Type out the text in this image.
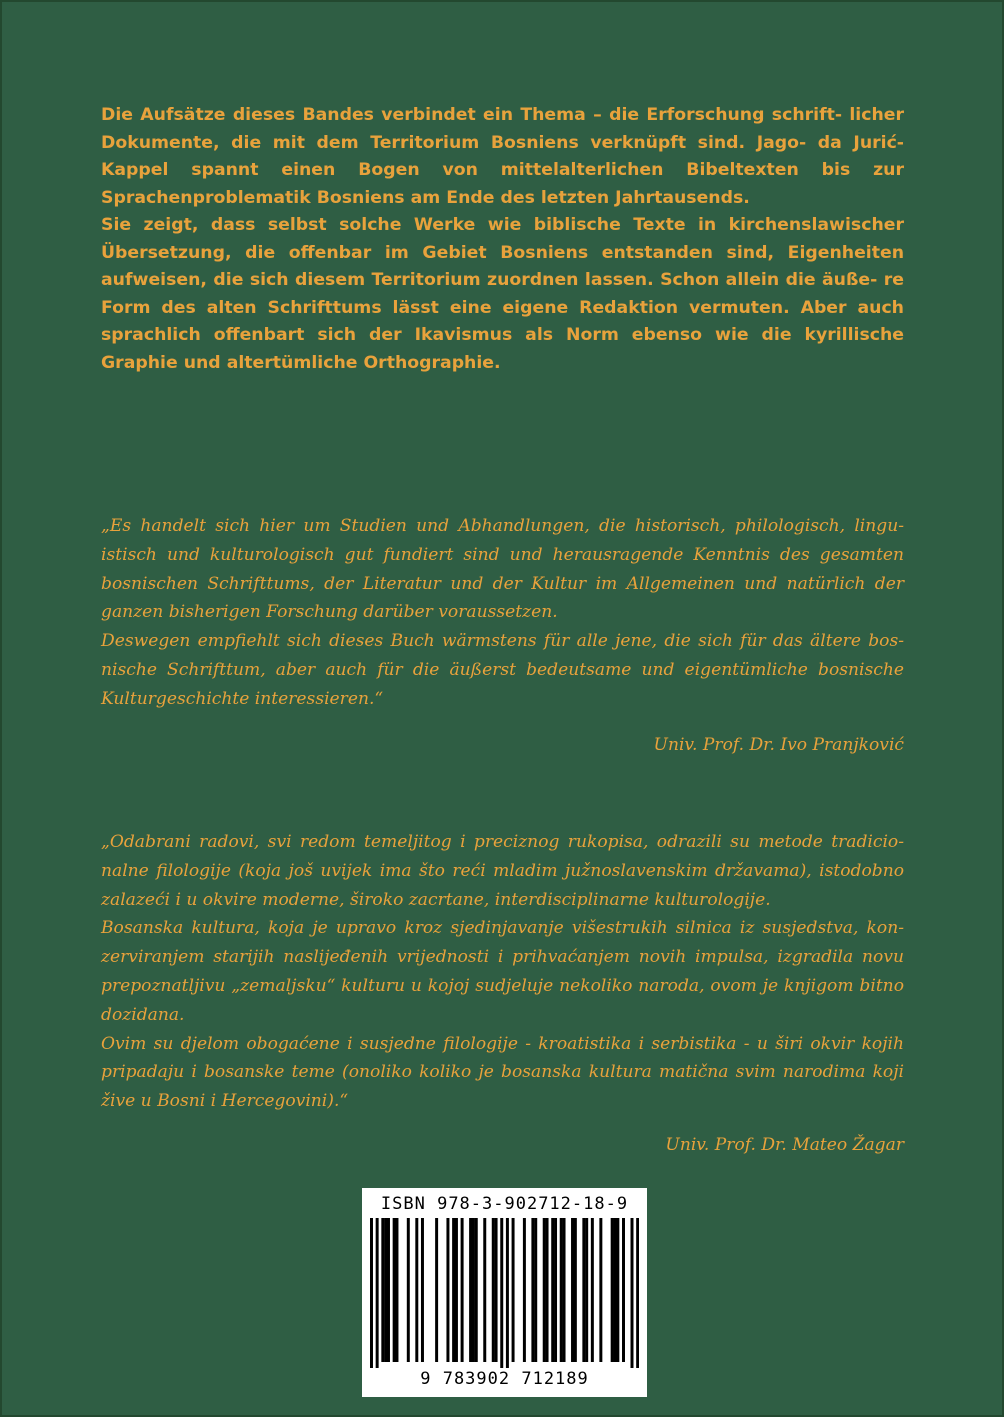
Die Aufsätze dieses Bandes verbindet ein Thema – die Erforschung schrift- licher Dokumente, die mit dem Territorium Bosniens verknüpft sind. Jago- da Jurić-Kappel spannt einen Bogen von mittelalterlichen Bibeltexten bis zur Sprachenproblematik Bosniens am Ende des letzten Jahrtausends.

Sie zeigt, dass selbst solche Werke wie biblische Texte in kirchenslawischer Übersetzung, die offenbar im Gebiet Bosniens entstanden sind, Eigenheiten aufweisen, die sich diesem Territorium zuordnen lassen. Schon allein die äuße- re Form des alten Schrifttums lässt eine eigene Redaktion vermuten. Aber auch sprachlich offenbart sich der Ikavismus als Norm ebenso wie die kyrillische Graphie und altertümliche Orthographie.

„Es handelt sich hier um Studien und Abhandlungen, die historisch, philologisch, lingu- istisch und kulturologisch gut fundiert sind und herausragende Kenntnis des gesamten bosnischen Schrifttums, der Literatur und der Kultur im Allgemeinen und natürlich der ganzen bisherigen Forschung darüber voraussetzen.

Deswegen empfiehlt sich dieses Buch wärmstens für alle jene, die sich für das ältere bos- nische Schrifttum, aber auch für die äußerst bedeutsame und eigentümliche bosnische Kulturgeschichte interessieren.“

Univ. Prof. Dr. Ivo Pranjković

„Odabrani radovi, svi redom temeljitog i preciznog rukopisa, odrazili su metode tradicio- nalne filologije (koja još uvijek ima što reći mladim južnoslavenskim državama), istodobno zalazeći i u okvire moderne, široko zacrtane, interdisciplinarne kulturologije.

Bosanska kultura, koja je upravo kroz sjedinjavanje višestrukih silnica iz susjedstva, kon- zerviranjem starijih naslijeđenih vrijednosti i prihvaćanjem novih impulsa, izgradila novu prepoznatljivu „zemaljsku“ kulturu u kojoj sudjeluje nekoliko naroda, ovom je knjigom bitno dozidana.

Ovim su djelom obogaćene i susjedne filologije - kroatistika i serbistika - u širi okvir kojih pripadaju i bosanske teme (onoliko koliko je bosanska kultura matična svim narodima koji žive u Bosni i Hercegovini).“

Univ. Prof. Dr. Mateo Žagar
ISBN 978-3-902712-18-9
9 783902 712189
